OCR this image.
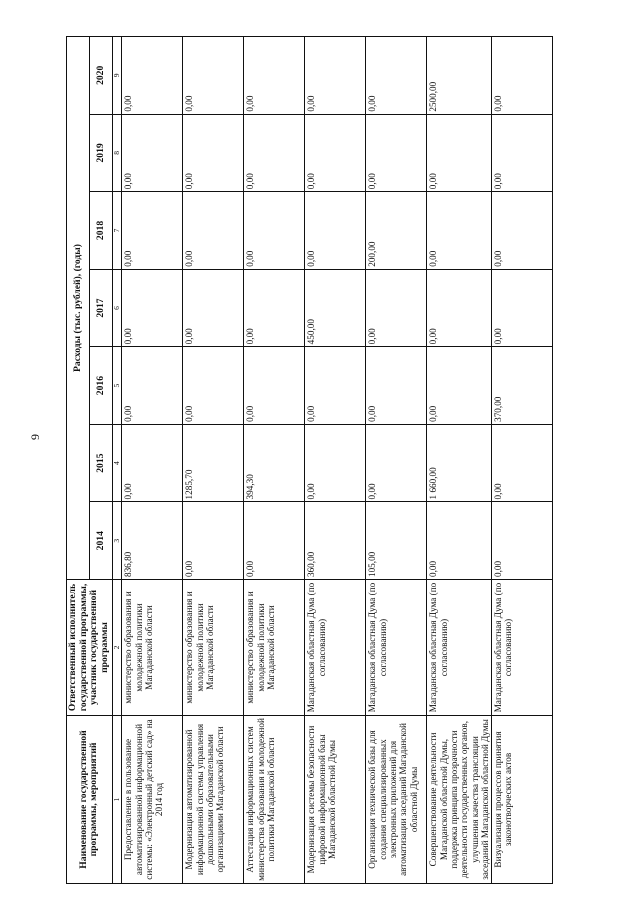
9
Наименование государственной программы, мероприятий	Ответственный исполнитель государственной программы, участник государственной программы	Расходы (тыс. рублей), (годы)						
		2014	2015	2016	2017	2018	2019	2020
1	2	3	4	5	6	7	8	9
Предоставление в пользование автоматизированной информационной системы: «Электронный детский сад» на 2014 год	министерство образования и молодежной политики Магаданской области	836,80	0,00	0,00	0,00	0,00	0,00	0,00
Модернизация автоматизированной информационной системы управления дошкольными образовательными организациями Магаданской области	министерство образования и молодежной политики Магаданской области	0,00	1285,70	0,00	0,00	0,00	0,00	0,00
Аттестация информационных систем министерства образования и молодежной политики Магаданской области	министерство образования и молодежной политики Магаданской области	0,00	394,30	0,00	0,00	0,00	0,00	0,00
Модернизация системы безопасности цифровой информационной базы Магаданской областной Думы	Магаданская областная Дума (по согласованию)	360,00	0,00	0,00	450,00	0,00	0,00	0,00
Организация технической базы для создания специализированных электронных приложений для автоматизации заседаний Магаданской областной Думы	Магаданская областная Дума (по согласованию)	105,00	0,00	0,00	0,00	200,00	0,00	0,00
Совершенствование деятельности Магаданской областной Думы, поддержка принципа прозрачности деятельности государственных органов, улучшения качества трансляции заседаний Магаданской областной Думы	Магаданская областная Дума (по согласованию)	0,00	1 660,00	0,00	0,00	0,00	0,00	2500,00
Визуализация процессов принятия законотворческих актов	Магаданская областная Дума (по согласованию)	0,00	0,00	370,00	0,00	0,00	0,00	0,00
